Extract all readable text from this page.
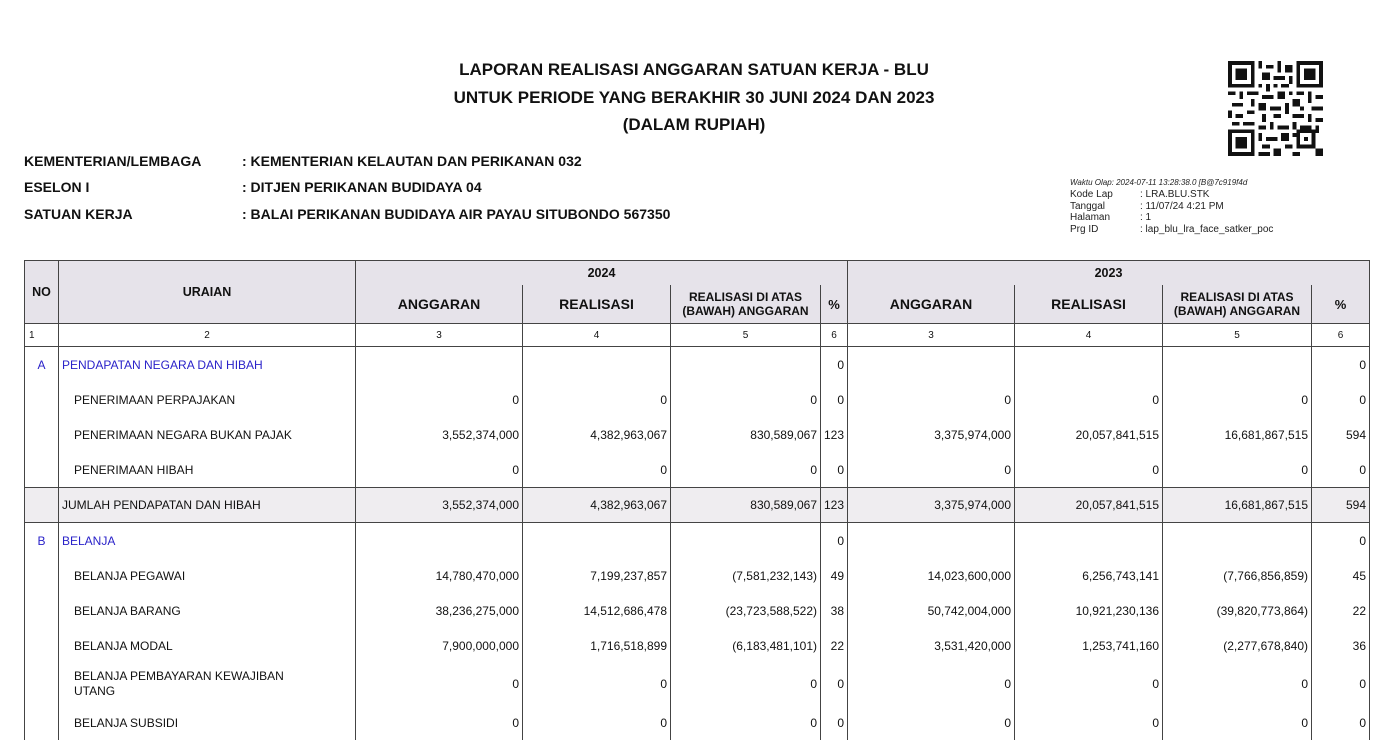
LAPORAN REALISASI ANGGARAN SATUAN KERJA - BLU
UNTUK PERIODE YANG BERAKHIR 30 JUNI 2024 DAN 2023
(DALAM RUPIAH)
KEMENTERIAN/LEMBAGA	: KEMENTERIAN KELAUTAN DAN PERIKANAN 032
ESELON I	: DITJEN PERIKANAN BUDIDAYA 04
SATUAN KERJA	: BALAI PERIKANAN BUDIDAYA AIR PAYAU SITUBONDO 567350
Waktu Olap: 2024-07-11 13:28:38.0 [B@7c919f4d
Kode Lap	: LRA.BLU.STK
Tanggal	: 11/07/24 4:21 PM
Halaman	: 1
Prg ID	: lap_blu_lra_face_satker_poc
NO	URAIAN	2024				2023			
		ANGGARAN	REALISASI	REALISASI DI ATAS
(BAWAH) ANGGARAN	%	ANGGARAN	REALISASI	REALISASI DI ATAS
(BAWAH) ANGGARAN	%
1	2	3	4	5	6	3	4	5	6
A	PENDAPATAN NEGARA DAN HIBAH				0				0
	PENERIMAAN PERPAJAKAN	0	0	0	0	0	0	0	0
	PENERIMAAN NEGARA BUKAN PAJAK	3,552,374,000	4,382,963,067	830,589,067	123	3,375,974,000	20,057,841,515	16,681,867,515	594
	PENERIMAAN HIBAH	0	0	0	0	0	0	0	0
	JUMLAH PENDAPATAN DAN HIBAH	3,552,374,000	4,382,963,067	830,589,067	123	3,375,974,000	20,057,841,515	16,681,867,515	594
B	BELANJA				0				0
	BELANJA PEGAWAI	14,780,470,000	7,199,237,857	(7,581,232,143)	49	14,023,600,000	6,256,743,141	(7,766,856,859)	45
	BELANJA BARANG	38,236,275,000	14,512,686,478	(23,723,588,522)	38	50,742,004,000	10,921,230,136	(39,820,773,864)	22
	BELANJA MODAL	7,900,000,000	1,716,518,899	(6,183,481,101)	22	3,531,420,000	1,253,741,160	(2,277,678,840)	36
	BELANJA PEMBAYARAN KEWAJIBAN
UTANG	0	0	0	0	0	0	0	0
	BELANJA SUBSIDI	0	0	0	0	0	0	0	0
